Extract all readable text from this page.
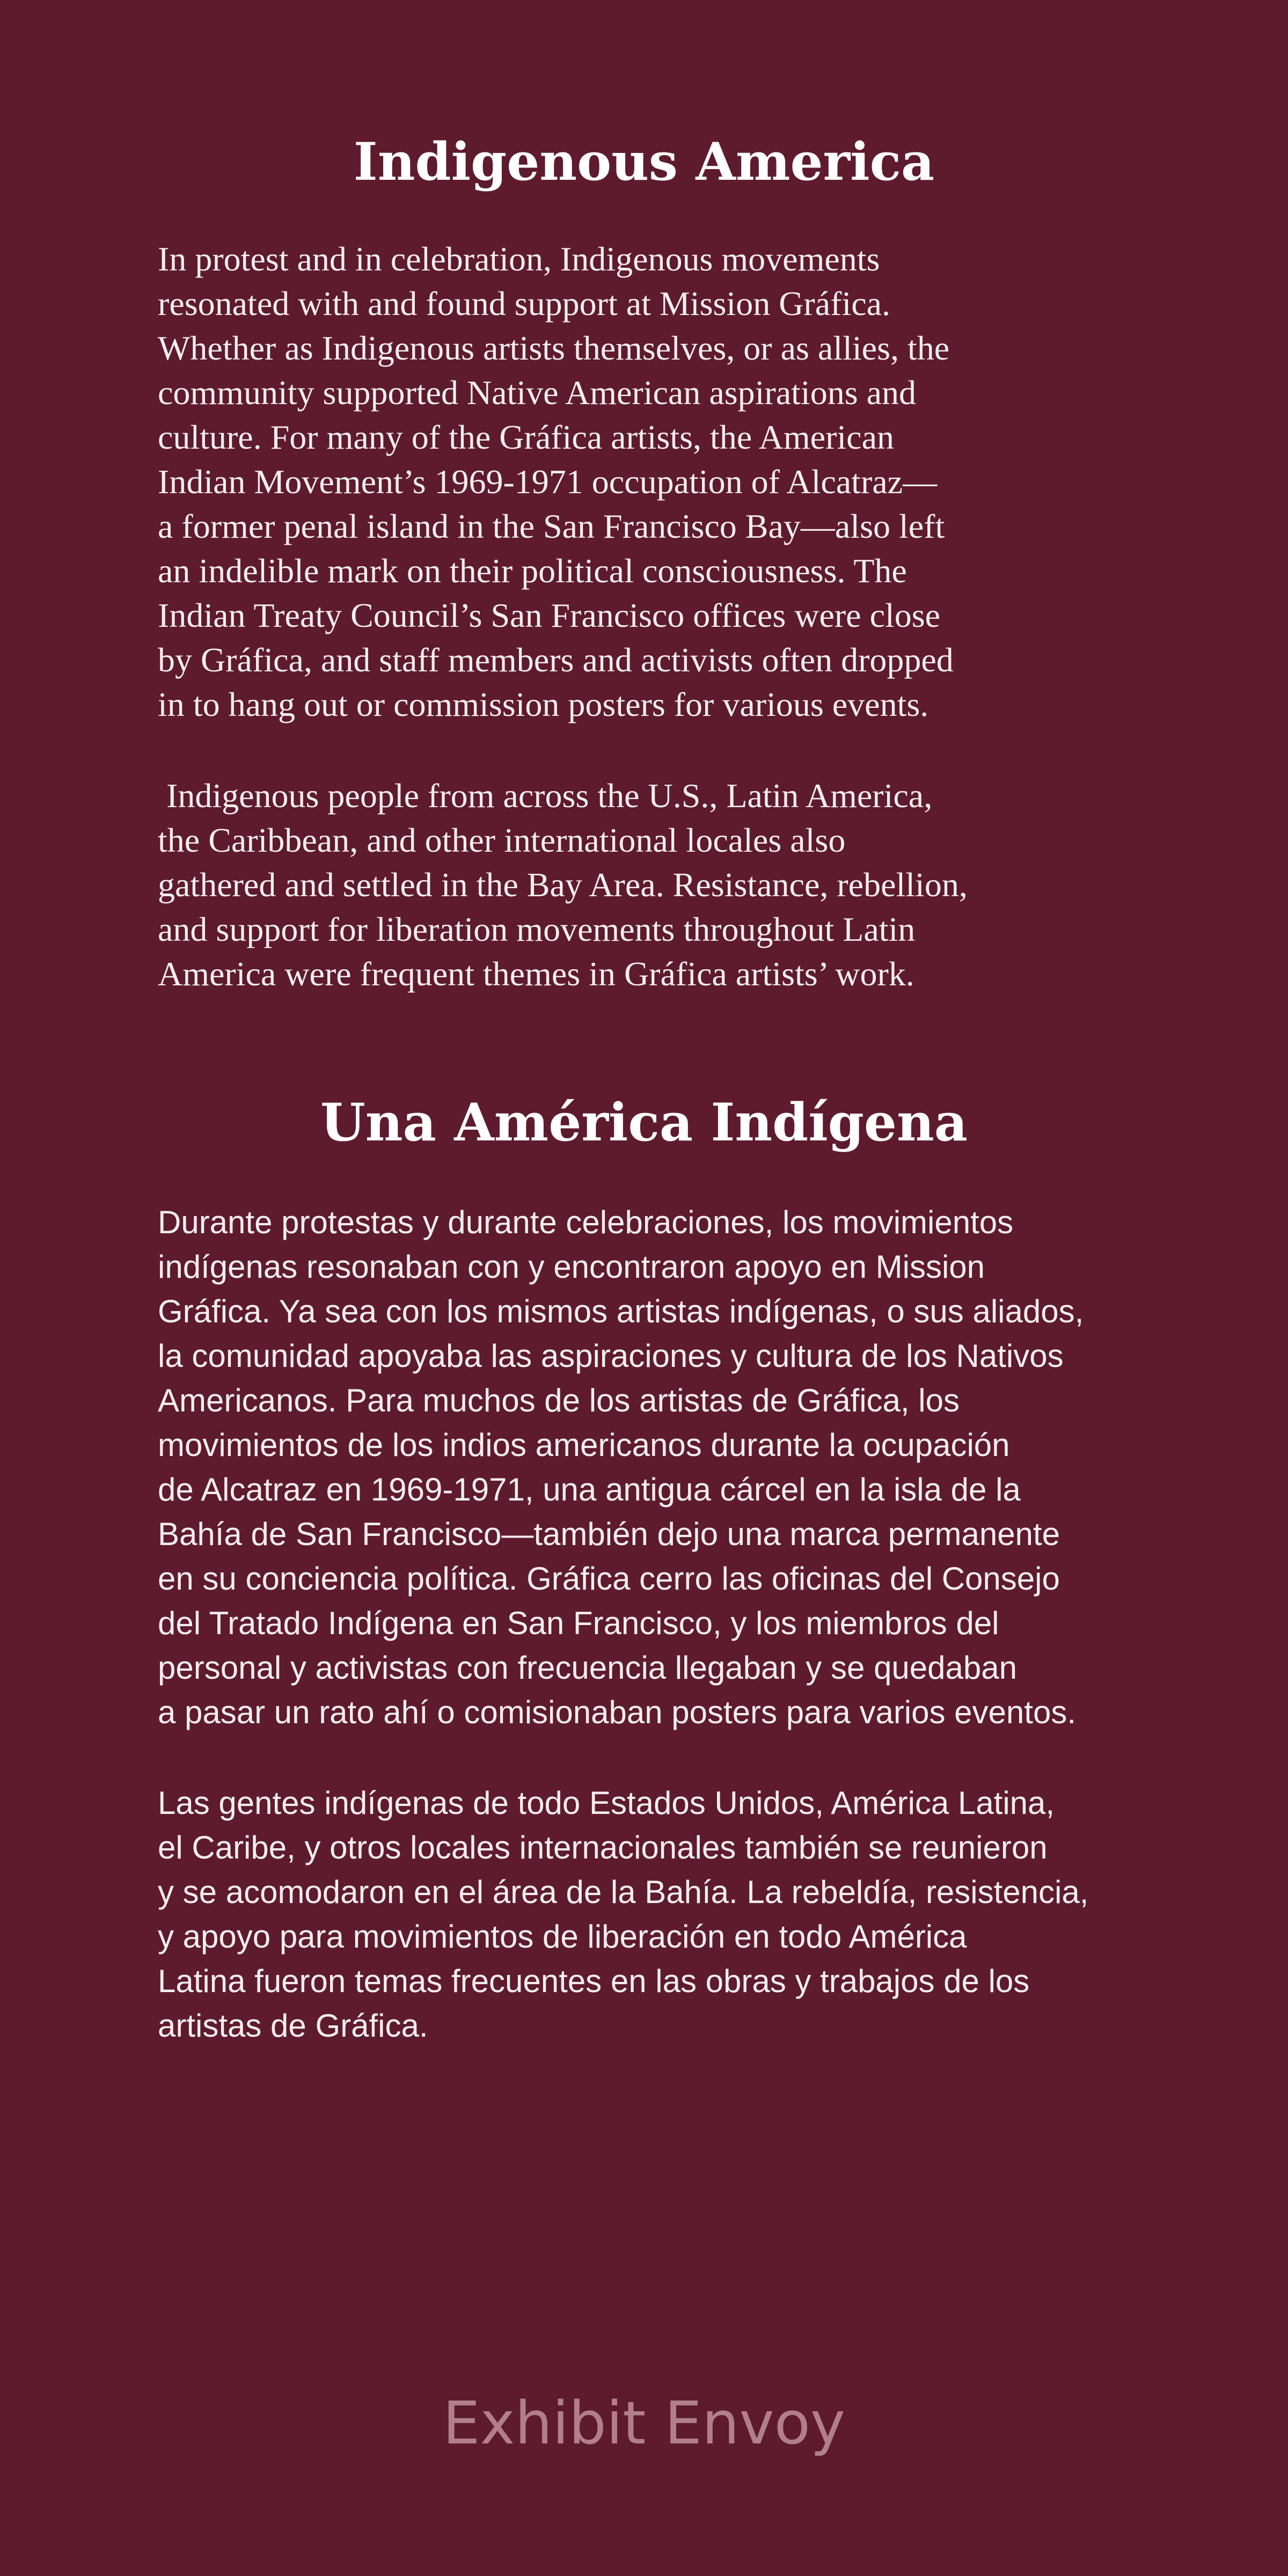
Indigenous America

In protest and in celebration, Indigenous movements
resonated with and found support at Mission Gráfica.
Whether as Indigenous artists themselves, or as allies, the
community supported Native American aspirations and
culture. For many of the Gráfica artists, the American
Indian Movement’s 1969-1971 occupation of Alcatraz—
a former penal island in the San Francisco Bay—also left
an indelible mark on their political consciousness. The
Indian Treaty Council’s San Francisco offices were close
by Gráfica, and staff members and activists often dropped
in to hang out or commission posters for various events.

Indigenous people from across the U.S., Latin America,
the Caribbean, and other international locales also
gathered and settled in the Bay Area. Resistance, rebellion,
and support for liberation movements throughout Latin
America were frequent themes in Gráfica artists’ work.

Una América Indígena

Durante protestas y durante celebraciones, los movimientos
indígenas resonaban con y encontraron apoyo en Mission
Gráfica. Ya sea con los mismos artistas indígenas, o sus aliados,
la comunidad apoyaba las aspiraciones y cultura de los Nativos
Americanos. Para muchos de los artistas de Gráfica, los
movimientos de los indios americanos durante la ocupación
de Alcatraz en 1969-1971, una antigua cárcel en la isla de la
Bahía de San Francisco—también dejo una marca permanente
en su conciencia política. Gráfica cerro las oficinas del Consejo
del Tratado Indígena en San Francisco, y los miembros del
personal y activistas con frecuencia llegaban y se quedaban
a pasar un rato ahí o comisionaban posters para varios eventos.

Las gentes indígenas de todo Estados Unidos, América Latina,
el Caribe, y otros locales internacionales también se reunieron
y se acomodaron en el área de la Bahía. La rebeldía, resistencia,
y apoyo para movimientos de liberación en todo América
Latina fueron temas frecuentes en las obras y trabajos de los
artistas de Gráfica.

Exhibit Envoy
